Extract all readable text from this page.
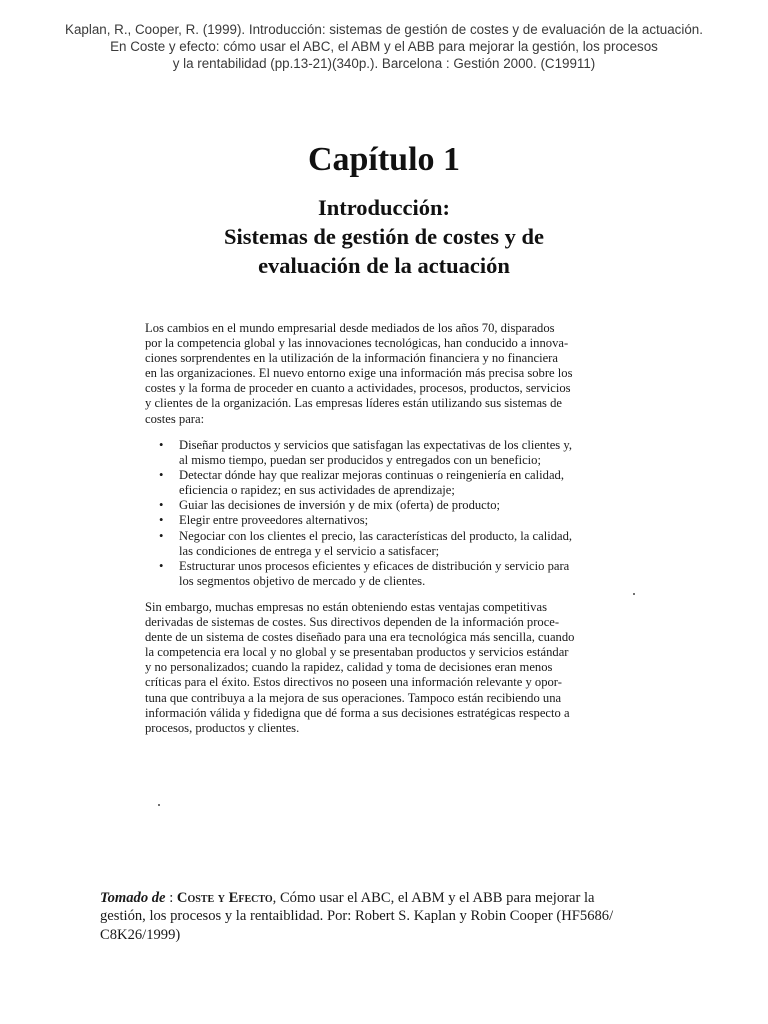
Kaplan, R., Cooper, R. (1999). Introducción: sistemas de gestión de costes y de evaluación de la actuación.
En Coste y efecto: cómo usar el ABC, el ABM y el ABB para mejorar la gestión, los procesos
y la rentabilidad (pp.13-21)(340p.). Barcelona : Gestión 2000. (C19911)
Capítulo 1
Introducción:
Sistemas de gestión de costes y de
evaluación de la actuación
Los cambios en el mundo empresarial desde mediados de los años 70, disparados
por la competencia global y las innovaciones tecnológicas, han conducido a innova-
ciones sorprendentes en la utilización de la información financiera y no financiera
en las organizaciones. El nuevo entorno exige una información más precisa sobre los
costes y la forma de proceder en cuanto a actividades, procesos, productos, servicios
y clientes de la organización. Las empresas líderes están utilizando sus sistemas de
costes para:
• Diseñar productos y servicios que satisfagan las expectativas de los clientes y,
al mismo tiempo, puedan ser producidos y entregados con un beneficio;
• Detectar dónde hay que realizar mejoras continuas o reingeniería en calidad,
eficiencia o rapidez; en sus actividades de aprendizaje;
• Guiar las decisiones de inversión y de mix (oferta) de producto;
• Elegir entre proveedores alternativos;
• Negociar con los clientes el precio, las características del producto, la calidad,
las condiciones de entrega y el servicio a satisfacer;
• Estructurar unos procesos eficientes y eficaces de distribución y servicio para
los segmentos objetivo de mercado y de clientes.
Sin embargo, muchas empresas no están obteniendo estas ventajas competitivas
derivadas de sistemas de costes. Sus directivos dependen de la información proce-
dente de un sistema de costes diseñado para una era tecnológica más sencilla, cuando
la competencia era local y no global y se presentaban productos y servicios estándar
y no personalizados; cuando la rapidez, calidad y toma de decisiones eran menos
críticas para el éxito. Estos directivos no poseen una información relevante y opor-
tuna que contribuya a la mejora de sus operaciones. Tampoco están recibiendo una
información válida y fidedigna que dé forma a sus decisiones estratégicas respecto a
procesos, productos y clientes.
Tomado de : Coste y Efecto, Cómo usar el ABC, el ABM y el ABB para mejorar la
gestión, los procesos y la rentaiblidad. Por: Robert S. Kaplan y Robin Cooper (HF5686/
C8K26/1999)
